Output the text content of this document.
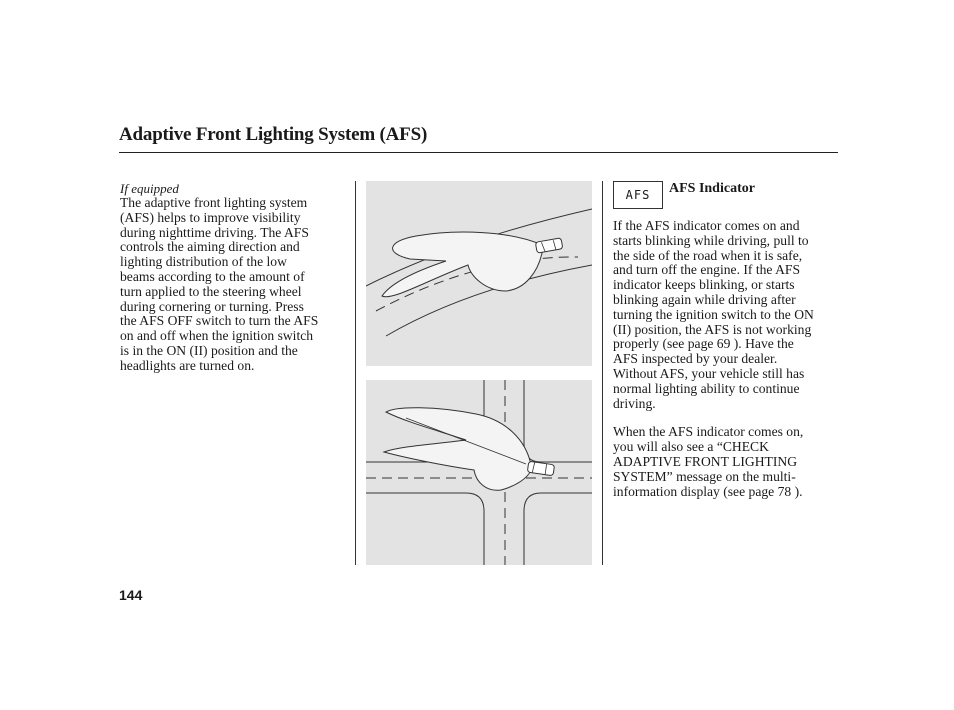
Adaptive Front Lighting System (AFS)
If equipped

The adaptive front lighting system
(AFS) helps to improve visibility
during nighttime driving. The AFS
controls the aiming direction and
lighting distribution of the low
beams according to the amount of
turn applied to the steering wheel
during cornering or turning. Press
the AFS OFF switch to turn the AFS
on and off when the ignition switch
is in the ON (II) position and the
headlights are turned on.

AFS	AFS Indicator

If the AFS indicator comes on and
starts blinking while driving, pull to
the side of the road when it is safe,
and turn off the engine. If the AFS
indicator keeps blinking, or starts
blinking again while driving after
turning the ignition switch to the ON
(II) position, the AFS is not working
properly (see page 69 ). Have the
AFS inspected by your dealer.
Without AFS, your vehicle still has
normal lighting ability to continue
driving.

When the AFS indicator comes on,
you will also see a “CHECK
ADAPTIVE FRONT LIGHTING
SYSTEM” message on the multi-
information display (see page 78 ).

144
